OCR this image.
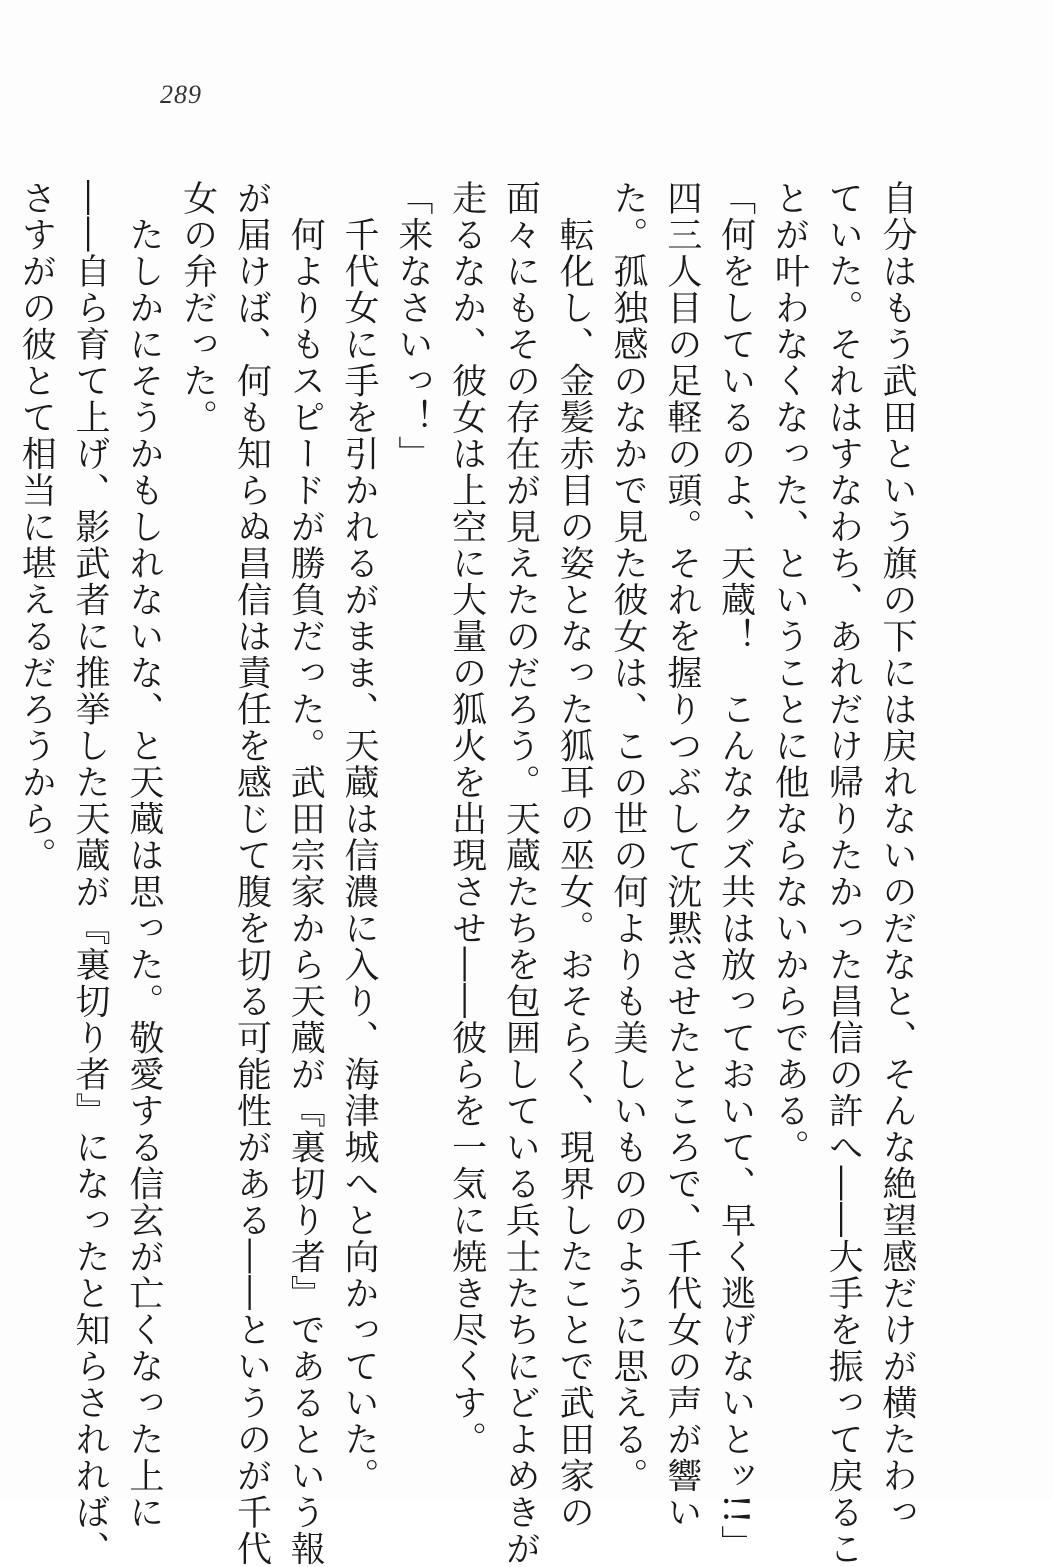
289
自分はもう武田という旗の下には戻れないのだなと、そんな絶望感だけが横たわっ
ていた。それはすなわち、あれだけ帰りたかった昌信の許へ――大手を振って戻るこ
とが叶わなくなった、ということに他ならないからである。
「何をしているのよ、天蔵！　こんなクズ共は放っておいて、早く逃げないとッ!!」
四三人目の足軽の頭。それを握りつぶして沈黙させたところで、千代女の声が響い
た。孤独感のなかで見た彼女は、この世の何よりも美しいもののように思える。
　転化し、金髪赤目の姿となった狐耳の巫女。おそらく、現界したことで武田家の
面々にもその存在が見えたのだろう。天蔵たちを包囲している兵士たちにどよめきが
走るなか、彼女は上空に大量の狐火を出現させ――彼らを一気に焼き尽くす。
「来なさいっ！」
　千代女に手を引かれるがまま、天蔵は信濃に入り、海津城へと向かっていた。
　何よりもスピードが勝負だった。武田宗家から天蔵が『裏切り者』であるという報
が届けば、何も知らぬ昌信は責任を感じて腹を切る可能性がある――というのが千代
女の弁だった。
　たしかにそうかもしれないな、と天蔵は思った。敬愛する信玄が亡くなった上に
――自ら育て上げ、影武者に推挙した天蔵が『裏切り者』になったと知らされれば、
さすがの彼とて相当に堪えるだろうから。
